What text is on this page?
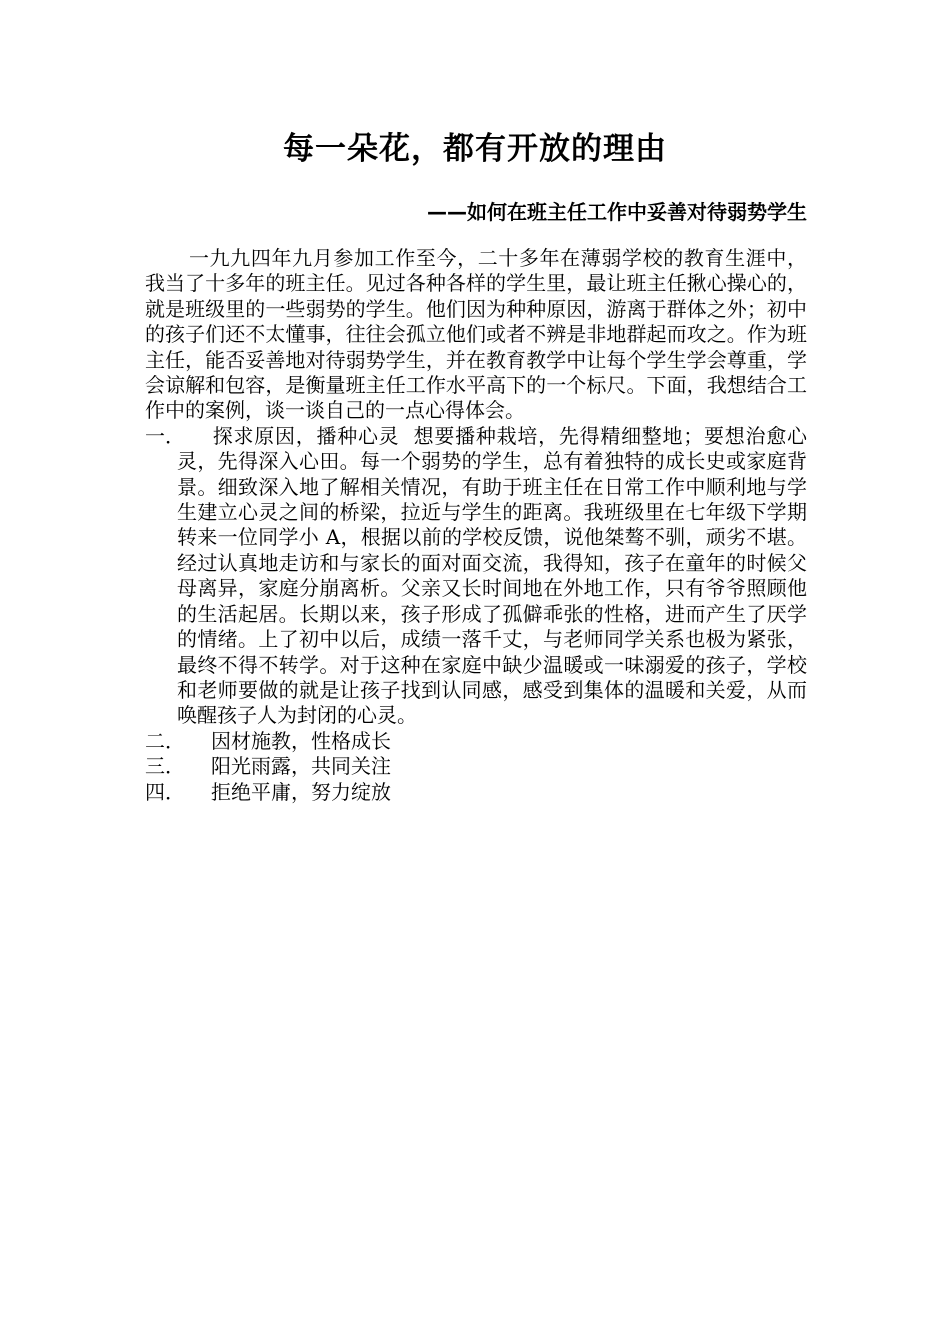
每一朵花，都有开放的理由
——如何在班主任工作中妥善对待弱势学生

一九九四年九月参加工作至今，二十多年在薄弱学校的教育生涯中，我当了十多年的班主任。见过各种各样的学生里，最让班主任揪心操心的，就是班级里的一些弱势的学生。他们因为种种原因，游离于群体之外；初中的孩子们还不太懂事，往往会孤立他们或者不辨是非地群起而攻之。作为班主任，能否妥善地对待弱势学生，并在教育教学中让每个学生学会尊重，学会谅解和包容，是衡量班主任工作水平高下的一个标尺。下面，我想结合工作中的案例，谈一谈自己的一点心得体会。

一． 探求原因，播种心灵 想要播种栽培，先得精细整地；要想治愈心灵，先得深入心田。每一个弱势的学生，总有着独特的成长史或家庭背景。细致深入地了解相关情况，有助于班主任在日常工作中顺利地与学生建立心灵之间的桥梁，拉近与学生的距离。我班级里在七年级下学期转来一位同学小 A，根据以前的学校反馈，说他桀骜不驯，顽劣不堪。经过认真地走访和与家长的面对面交流，我得知，孩子在童年的时候父母离异，家庭分崩离析。父亲又长时间地在外地工作，只有爷爷照顾他的生活起居。长期以来，孩子形成了孤僻乖张的性格，进而产生了厌学的情绪。上了初中以后，成绩一落千丈，与老师同学关系也极为紧张，最终不得不转学。对于这种在家庭中缺少温暖或一味溺爱的孩子，学校和老师要做的就是让孩子找到认同感，感受到集体的温暖和关爱，从而唤醒孩子人为封闭的心灵。

二． 因材施教，性格成长

三． 阳光雨露，共同关注

四． 拒绝平庸，努力绽放
